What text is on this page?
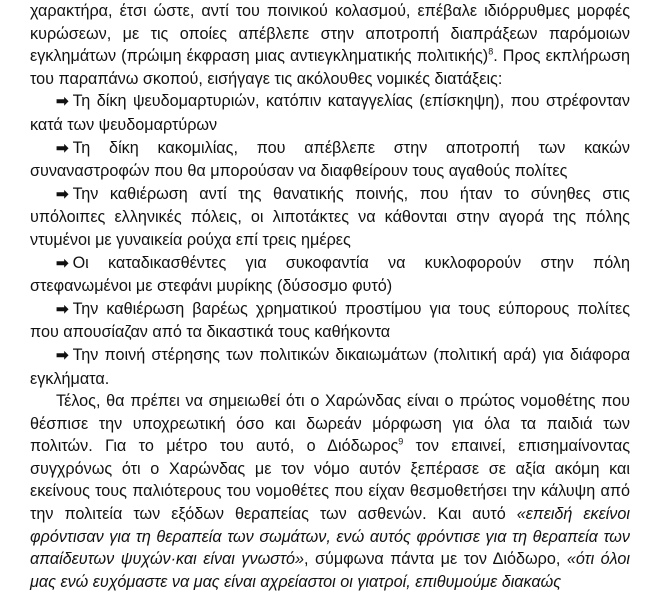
χαρακτήρα, έτσι ώστε, αντί του ποινικού κολασμού, επέβαλε ιδιόρρυθμες μορφές κυρώσεων, με τις οποίες απέβλεπε στην αποτροπή διαπράξεων παρόμοιων εγκλημάτων (πρώιμη έκφραση μιας αντιεγκληματικής πολιτικής)$^8$. Προς εκπλήρωση του παραπάνω σκοπού, εισήγαγε τις ακόλουθες νομικές διατάξεις:

➡ Τη δίκη ψευδομαρτυριών, κατόπιν καταγγελίας (επίσκηψη), που στρέφονταν κατά των ψευδομαρτύρων

➡ Τη δίκη κακομιλίας, που απέβλεπε στην αποτροπή των κακών συναναστροφών που θα μπορούσαν να διαφθείρουν τους αγαθούς πολίτες

➡ Την καθιέρωση αντί της θανατικής ποινής, που ήταν το σύνηθες στις υπόλοιπες ελληνικές πόλεις, οι λιποτάκτες να κάθονται στην αγορά της πόλης ντυμένοι με γυναικεία ρούχα επί τρεις ημέρες

➡ Οι καταδικασθέντες για συκοφαντία να κυκλοφορούν στην πόλη στεφανωμένοι με στεφάνι μυρίκης (δύσοσμο φυτό)

➡ Την καθιέρωση βαρέως χρηματικού προστίμου για τους εύπορους πολίτες που απουσίαζαν από τα δικαστικά τους καθήκοντα

➡ Την ποινή στέρησης των πολιτικών δικαιωμάτων (πολιτική αρά) για διάφορα εγκλήματα.

Τέλος, θα πρέπει να σημειωθεί ότι ο Χαρώνδας είναι ο πρώτος νομοθέτης που θέσπισε την υποχρεωτική όσο και δωρεάν μόρφωση για όλα τα παιδιά των πολιτών. Για το μέτρο του αυτό, ο Διόδωρος$^9$ τον επαινεί, επισημαίνοντας συγχρόνως ότι ο Χαρώνδας με τον νόμο αυτόν ξεπέρασε σε αξία ακόμη και εκείνους τους παλιότερους του νομοθέτες που είχαν θεσμοθετήσει την κάλυψη από την πολιτεία των εξόδων θεραπείας των ασθενών. Και αυτό «επειδή εκείνοι φρόντισαν για τη θεραπεία των σωμάτων, ενώ αυτός φρόντισε για τη θεραπεία των απαίδευτων ψυχών·και είναι γνωστό», σύμφωνα πάντα με τον Διόδωρο, «ότι όλοι μας ενώ ευχόμαστε να μας είναι αχρείαστοι οι γιατροί, επιθυμούμε διακαώς
